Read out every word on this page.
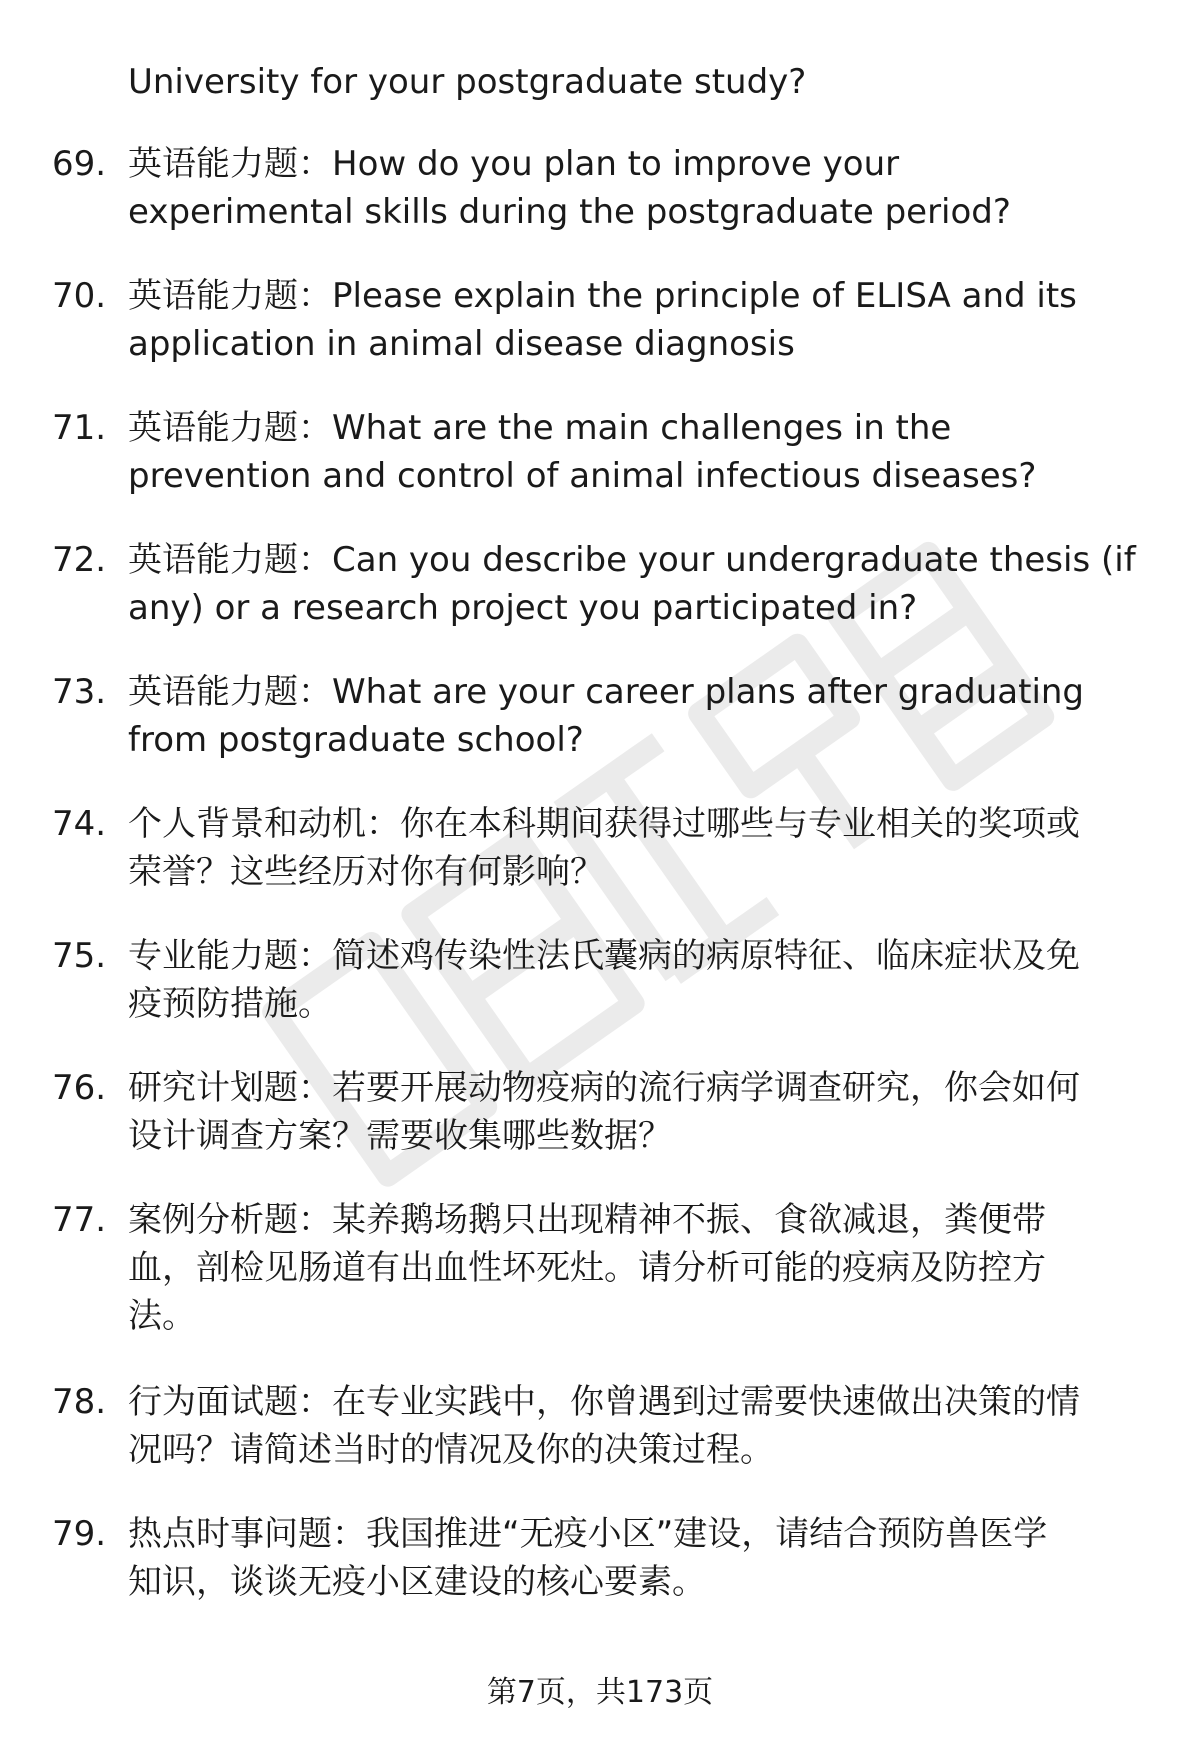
University for your postgraduate study?
69. 英语能力题：How do you plan to improve your
experimental skills during the postgraduate period?
70. 英语能力题：Please explain the principle of ELISA and its
application in animal disease diagnosis
71. 英语能力题：What are the main challenges in the
prevention and control of animal infectious diseases?
72. 英语能力题：Can you describe your undergraduate thesis (if
any) or a research project you participated in?
73. 英语能力题：What are your career plans after graduating
from postgraduate school?
74. 个人背景和动机：你在本科期间获得过哪些与专业相关的奖项或
荣誉？这些经历对你有何影响？
75. 专业能力题：简述鸡传染性法氏囊病的病原特征、临床症状及免
疫预防措施。
76. 研究计划题：若要开展动物疫病的流行病学调查研究，你会如何
设计调查方案？需要收集哪些数据？
77. 案例分析题：某养鹅场鹅只出现精神不振、食欲减退，粪便带
血，剖检见肠道有出血性坏死灶。请分析可能的疫病及防控方
法。
78. 行为面试题：在专业实践中，你曾遇到过需要快速做出决策的情
况吗？请简述当时的情况及你的决策过程。
79. 热点时事问题：我国推进“无疫小区”建设，请结合预防兽医学
知识，谈谈无疫小区建设的核心要素。
第7页，共173页
